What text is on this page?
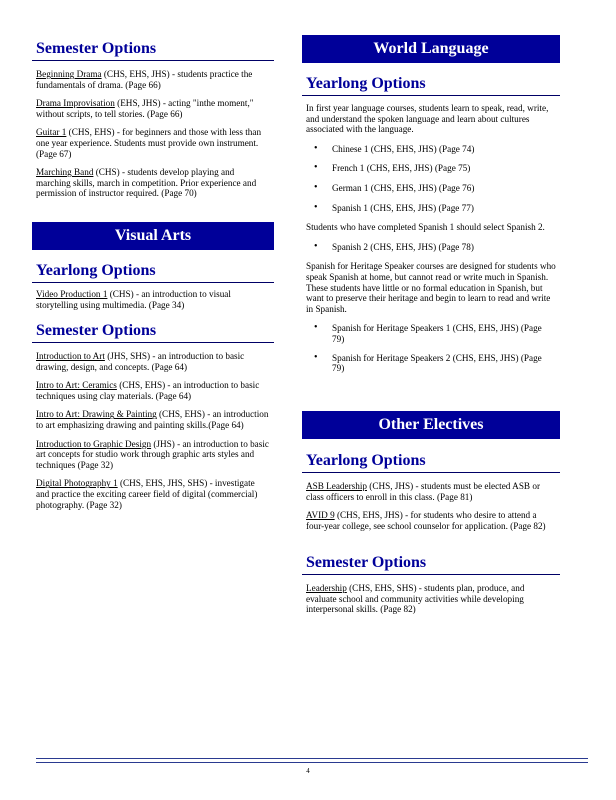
Semester Options

Beginning Drama (CHS, EHS, JHS) - students practice the fundamentals of drama. (Page 66)

Drama Improvisation (EHS, JHS) - acting "inthe moment," without scripts, to tell stories. (Page 66)

Guitar 1 (CHS, EHS) - for beginners and those with less than one year experience. Students must provide own instrument. (Page 67)

Marching Band (CHS) - students develop playing and marching skills, march in competition. Prior experience and permission of instructor required. (Page 70)

Visual Arts
Yearlong Options

Video Production 1 (CHS) - an introduction to visual storytelling using multimedia. (Page 34)

Semester Options

Introduction to Art (JHS, SHS) - an introduction to basic drawing, design, and concepts. (Page 64)

Intro to Art: Ceramics (CHS, EHS) - an introduction to basic techniques using clay materials. (Page 64)

Intro to Art: Drawing & Painting (CHS, EHS) - an introduction to art emphasizing drawing and painting skills.(Page 64)

Introduction to Graphic Design (JHS) - an introduction to basic art concepts for studio work through graphic arts styles and techniques (Page 32)

Digital Photography 1 (CHS, EHS, JHS, SHS) - investigate and practice the exciting career field of digital (commercial) photography. (Page 32)

World Language
Yearlong Options

In first year language courses, students learn to speak, read, write, and understand the spoken language and learn about cultures associated with the language.

• Chinese 1 (CHS, EHS, JHS) (Page 74)
• French 1 (CHS, EHS, JHS) (Page 75)
• German 1 (CHS, EHS, JHS) (Page 76)
• Spanish 1 (CHS, EHS, JHS) (Page 77)

Students who have completed Spanish 1 should select Spanish 2.

• Spanish 2 (CHS, EHS, JHS) (Page 78)

Spanish for Heritage Speaker courses are designed for students who speak Spanish at home, but cannot read or write much in Spanish. These students have little or no formal education in Spanish, but want to preserve their heritage and begin to learn to read and write in Spanish.

• Spanish for Heritage Speakers 1 (CHS, EHS, JHS) (Page 79)
• Spanish for Heritage Speakers 2 (CHS, EHS, JHS) (Page 79)
Other Electives
Yearlong Options

ASB Leadership (CHS, JHS) - students must be elected ASB or class officers to enroll in this class. (Page 81)

AVID 9 (CHS, EHS, JHS) - for students who desire to attend a four-year college, see school counselor for application. (Page 82)

Semester Options

Leadership (CHS, EHS, SHS) - students plan, produce, and evaluate school and community activities while developing interpersonal skills. (Page 82)

4
